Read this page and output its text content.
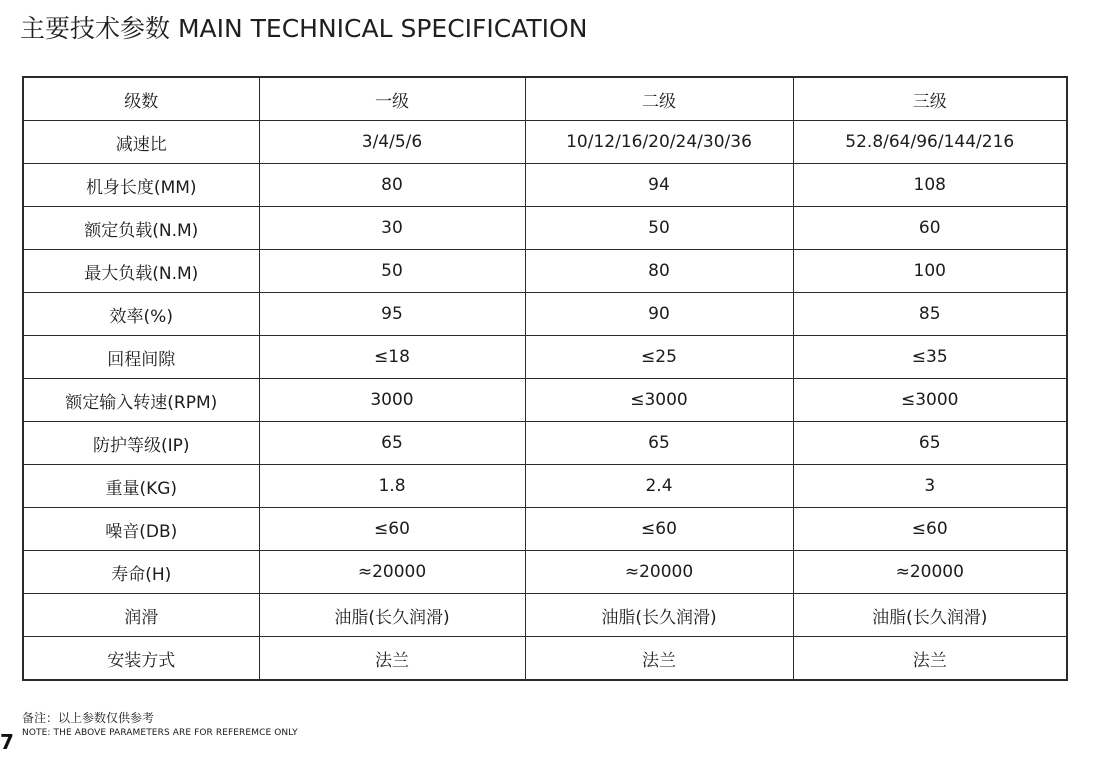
主要技术参数 MAIN TECHNICAL SPECIFICATION
级数	一级	二级	三级
减速比	3/4/5/6	10/12/16/20/24/30/36	52.8/64/96/144/216
机身长度(MM)	80	94	108
额定负载(N.M)	30	50	60
最大负载(N.M)	50	80	100
效率(%)	95	90	85
回程间隙	≤18	≤25	≤35
额定输入转速(RPM)	3000	≤3000	≤3000
防护等级(IP)	65	65	65
重量(KG)	1.8	2.4	3
噪音(DB)	≤60	≤60	≤60
寿命(H)	≈20000	≈20000	≈20000
润滑	油脂(长久润滑)	油脂(长久润滑)	油脂(长久润滑)
安装方式	法兰	法兰	法兰
7
备注：以上参数仅供参考
NOTE: THE ABOVE PARAMETERS ARE FOR REFEREMCE ONLY
